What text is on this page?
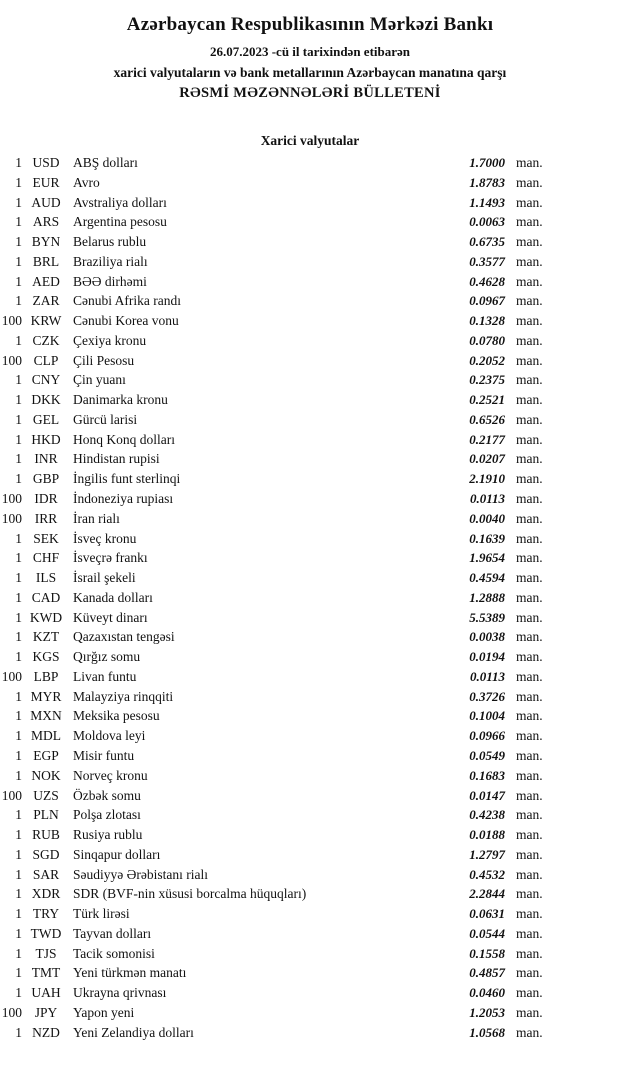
Azərbaycan Respublikasının Mərkəzi Bankı
26.07.2023 -cü il tarixindən etibarən
xarici valyutaların və bank metallarının Azərbaycan manatına qarşı
RƏSMİ MƏZƏNNƏLƏRİ BÜLLETENİ
Xarici valyutalar
1 USD	ABŞ dolları	1.7000 man.
1 EUR	Avro	1.8783 man.
1 AUD Avstraliya dolları	1.1493 man.
1 ARS	Argentina pesosu	0.0063 man.
1 BYN Belarus rublu	0.6735 man.
1 BRL	Braziliya rialı	0.3577 man.
1 AED BƏƏ dirhəmi	0.4628 man.
1 ZAR	Cənubi Afrika randı	0.0967 man.
100 KRW Cənubi Korea vonu	0.1328 man.
1 CZK	Çexiya kronu	0.0780 man.
100 CLP	Çili Pesosu	0.2052 man.
1 CNY Çin yuanı	0.2375 man.
1 DKK Danimarka kronu	0.2521 man.
1 GEL	Gürcü larisi	0.6526 man.
1 HKD Honq Konq dolları	0.2177 man.
1 INR	Hindistan rupisi	0.0207 man.
1 GBP	İngilis funt sterlinqi	2.1910 man.
100 IDR	İndoneziya rupiası	0.0113 man.
100 IRR	İran rialı	0.0040 man.
1 SEK	İsveç kronu	0.1639 man.
1 CHF	İsveçrə frankı	1.9654 man.
1	ILS	İsrail şekeli	0.4594 man.
1 CAD Kanada dolları	1.2888 man.
1 KWD Küveyt dinarı	5.5389 man.
1 KZT	Qazaxıstan tengəsi	0.0038 man.
1 KGS	Qırğız somu	0.0194 man.
100 LBP	Livan funtu	0.0113 man.
1 MYR Malayziya rinqqiti	0.3726 man.
1 MXN Meksika pesosu	0.1004 man.
1 MDL Moldova leyi	0.0966 man.
1 EGP	Misir funtu	0.0549 man.
1 NOK Norveç kronu	0.1683 man.
100 UZS	Özbək somu	0.0147 man.
1 PLN	Polşa zlotası	0.4238 man.
1 RUB Rusiya rublu	0.0188 man.
1 SGD	Sinqapur dolları	1.2797 man.
1 SAR	Səudiyyə Ərəbistanı rialı	0.4532 man.
1 XDR SDR (BVF-nin xüsusi borcalma hüquqları)	2.2844 man.
1 TRY	Türk lirəsi	0.0631 man.
1 TWD Tayvan dolları	0.0544 man.
1 TJS	Tacik somonisi	0.1558 man.
1 TMT Yeni türkmən manatı	0.4857 man.
1 UAH Ukrayna qrivnası	0.0460 man.
100 JPY	Yapon yeni	1.2053 man.
1 NZD Yeni Zelandiya dolları	1.0568 man.
